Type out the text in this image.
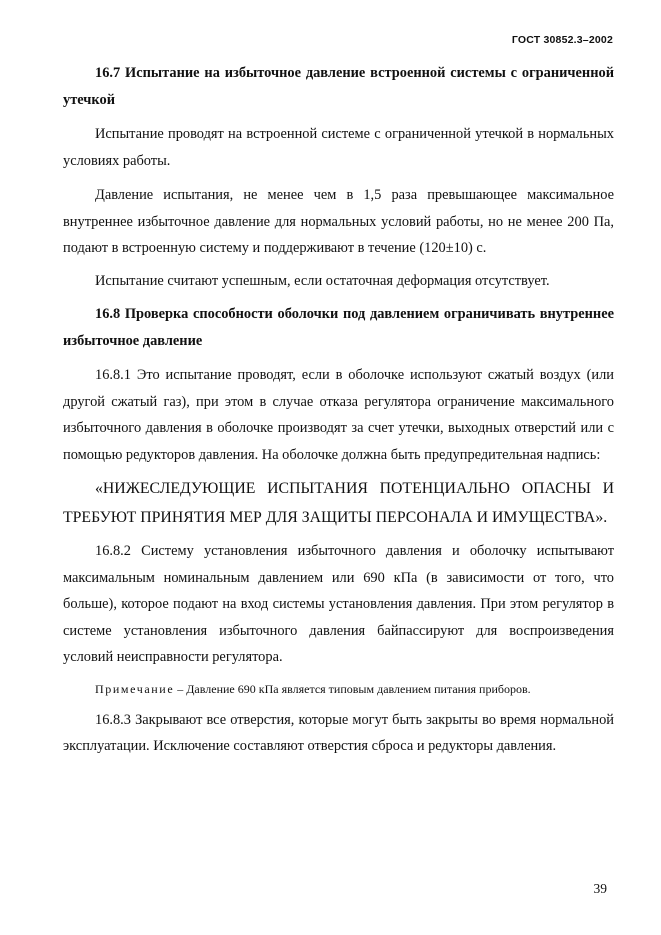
ГОСТ 30852.3–2002

16.7 Испытание на избыточное давление встроенной системы с ограниченной утечкой

Испытание проводят на встроенной системе с ограниченной утечкой в нормальных условиях работы.

Давление испытания, не менее чем в 1,5 раза превышающее максимальное внутреннее избыточное давление для нормальных условий работы, но не менее 200 Па, подают в встроенную систему и поддерживают в течение (120±10) с.

Испытание считают успешным, если остаточная деформация отсутствует.

16.8 Проверка способности оболочки под давлением ограничивать внутреннее избыточное давление

16.8.1 Это испытание проводят, если в оболочке используют сжатый воздух (или другой сжатый газ), при этом в случае отказа регулятора ограничение максимального избыточного давления в оболочке производят за счет утечки, выходных отверстий или с помощью редукторов давления. На оболочке должна быть предупредительная надпись:

«НИЖЕСЛЕДУЮЩИЕ ИСПЫТАНИЯ ПОТЕНЦИАЛЬНО ОПАСНЫ И ТРЕБУЮТ ПРИНЯТИЯ МЕР ДЛЯ ЗАЩИТЫ ПЕРСОНАЛА И ИМУЩЕСТВА».

16.8.2 Систему установления избыточного давления и оболочку испытывают максимальным номинальным давлением или 690 кПа (в зависимости от того, что больше), которое подают на вход системы установления давления. При этом регулятор в системе установления избыточного давления байпассируют для воспроизведения условий неисправности регулятора.

Примечание – Давление 690 кПа является типовым давлением питания приборов.

16.8.3 Закрывают все отверстия, которые могут быть закрыты во время нормальной эксплуатации. Исключение составляют отверстия сброса и редукторы давления.

39
